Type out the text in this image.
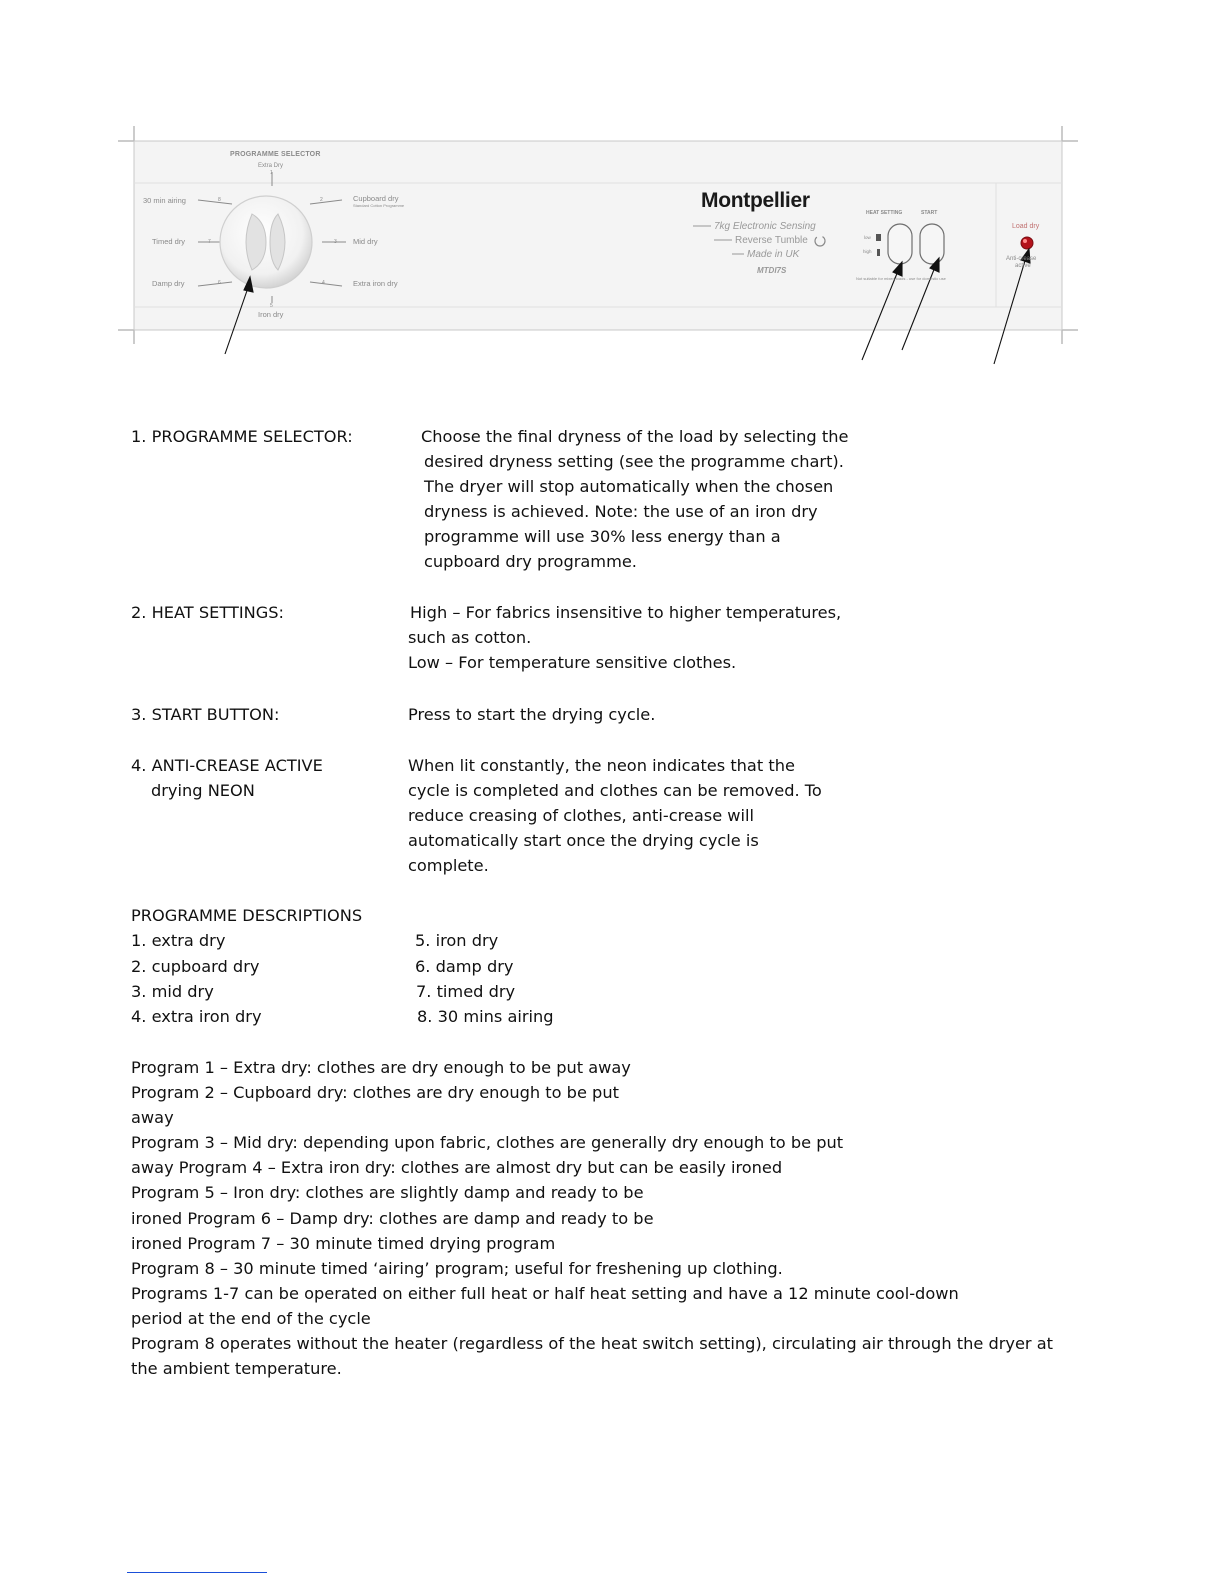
PROGRAMME SELECTOR
Extra Dry
1
Cupboard dry
Standard Cotton Programme
2
Mid dry
3
Extra iron dry
4
Iron dry
5
Damp dry	6
Timed dry	7
30 min airing	8	Montpellier
7kg Electronic Sensing
Reverse Tumble
Made in UK
MTDI7S
HEAT SETTING	START
low
high
Not suitable for mixed loads - use for domestic use
Load dry
Anti-crease
active
1. PROGRAMME SELECTOR:	Choose the final dryness of the load by selecting the
desired dryness setting (see the programme chart).
The dryer will stop automatically when the chosen
dryness is achieved. Note: the use of an iron dry
programme will use 30% less energy than a
cupboard dry programme.
2. HEAT SETTINGS:	High – For fabrics insensitive to higher temperatures,
such as cotton.
Low – For temperature sensitive clothes.
3. START BUTTON:	Press to start the drying cycle.
4. ANTI-CREASE ACTIVE
drying NEON
When lit constantly, the neon indicates that the
cycle is completed and clothes can be removed. To
reduce creasing of clothes, anti-crease will
automatically start once the drying cycle is
complete.
PROGRAMME DESCRIPTIONS
1. extra dry
2. cupboard dry
3. mid dry
4. extra iron dry
5. iron dry
6. damp dry
7. timed dry
8. 30 mins airing
Program 1 – Extra dry: clothes are dry enough to be put away
Program 2 – Cupboard dry: clothes are dry enough to be put
away
Program 3 – Mid dry: depending upon fabric, clothes are generally dry enough to be put
away Program 4 – Extra iron dry: clothes are almost dry but can be easily ironed
Program 5 – Iron dry: clothes are slightly damp and ready to be
ironed Program 6 – Damp dry: clothes are damp and ready to be
ironed Program 7 – 30 minute timed drying program
Program 8 – 30 minute timed ‘airing’ program; useful for freshening up clothing.
Programs 1-7 can be operated on either full heat or half heat setting and have a 12 minute cool-down
period at the end of the cycle
Program 8 operates without the heater (regardless of the heat switch setting), circulating air through the dryer at
the ambient temperature.
